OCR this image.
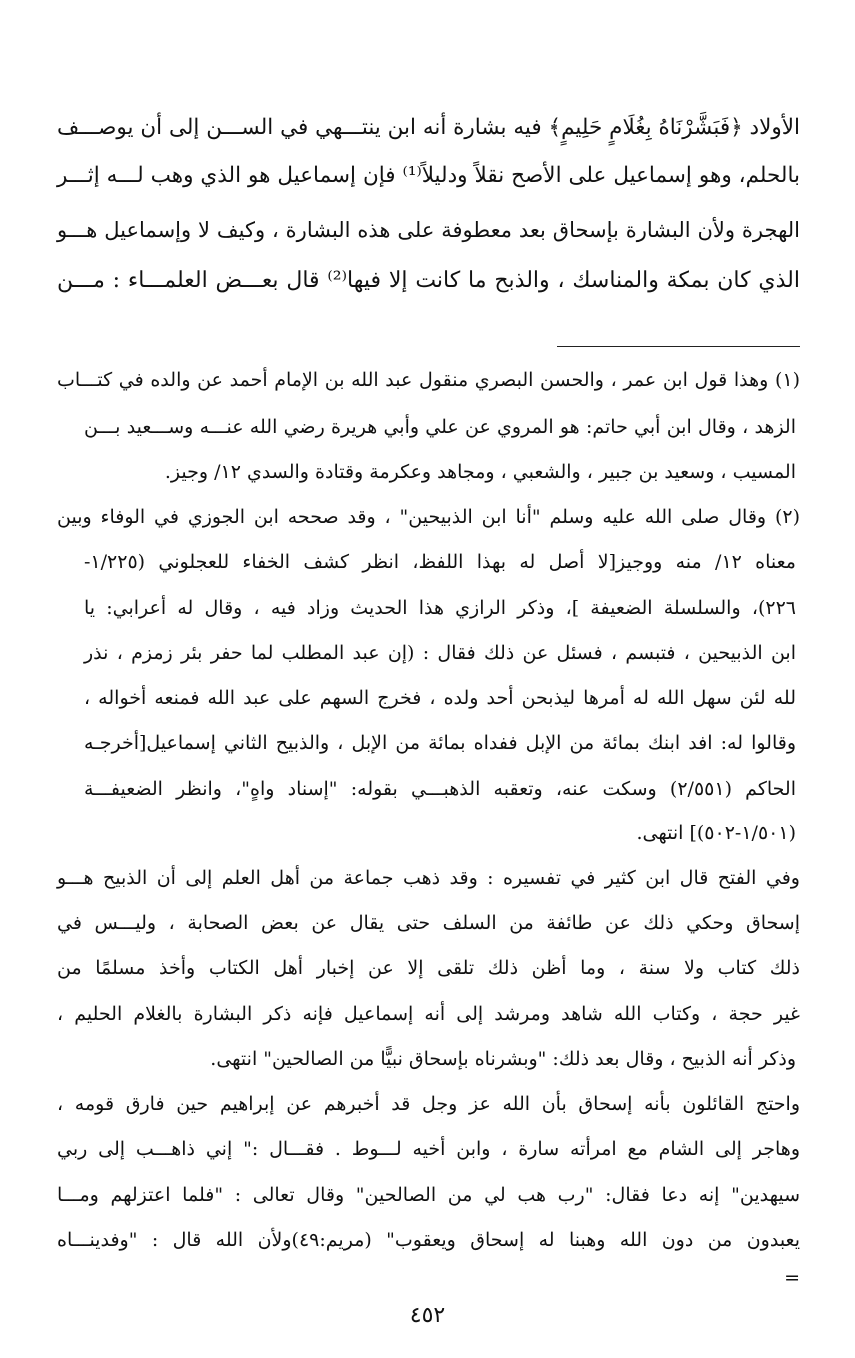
الأولاد ﴿فَبَشَّرْنَاهُ بِغُلَامٍ حَلِيمٍ﴾ فيه بشارة أنه ابن ينتـــهي في الســـن إلى أن يوصـــف
بالحلم، وهو إسماعيل على الأصح نقلاً ودليلاً⁽¹⁾ فإن إسماعيل هو الذي وهب لـــه إثـــر
الهجرة ولأن البشارة بإسحاق بعد معطوفة على هذه البشارة ، وكيف لا وإسماعيل هـــو
الذي كان بمكة والمناسك ، والذبح ما كانت إلا فيها⁽²⁾ قال بعـــض العلمـــاء : مـــن
(١) وهذا قول ابن عمر ، والحسن البصري منقول عبد الله بن الإمام أحمد عن والده في كتـــاب
الزهد ، وقال ابن أبي حاتم: هو المروي عن علي وأبي هريرة رضي الله عنـــه وســـعيد بـــن
المسيب ، وسعيد بن جبير ، والشعبي ، ومجاهد وعكرمة وقتادة والسدي ١٢/ وجيز.
(٢) وقال صلى الله عليه وسلم "أنا ابن الذبيحين" ، وقد صححه ابن الجوزي في الوفاء وبين
معناه ١٢/ منه ووجيز[لا أصل له بهذا اللفظ، انظر كشف الخفاء للعجلوني (١/٢٢٥-
٢٢٦)، والسلسلة الضعيفة ]، وذكر الرازي هذا الحديث وزاد فيه ، وقال له أعرابي: يا
ابن الذبيحين ، فتبسم ، فسئل عن ذلك فقال : (إن عبد المطلب لما حفر بئر زمزم ، نذر
لله لئن سهل الله له أمرها ليذبحن أحد ولده ، فخرج السهم على عبد الله فمنعه أخواله ،
وقالوا له: افد ابنك بمائة من الإبل ففداه بمائة من الإبل ، والذبيح الثاني إسماعيل[أخرجـه
الحاكم (٢/٥٥١) وسكت عنه، وتعقبه الذهبـــي بقوله: "إسناد واهٍ"، وانظر الضعيفـــة
(١/٥٠١-٥٠٢)] انتهى.
وفي الفتح قال ابن كثير في تفسيره : وقد ذهب جماعة من أهل العلم إلى أن الذبيح هـــو
إسحاق وحكي ذلك عن طائفة من السلف حتى يقال عن بعض الصحابة ، وليـــس في
ذلك كتاب ولا سنة ، وما أظن ذلك تلقى إلا عن إخبار أهل الكتاب وأخذ مسلمًا من
غير حجة ، وكتاب الله شاهد ومرشد إلى أنه إسماعيل فإنه ذكر البشارة بالغلام الحليم ،
وذكر أنه الذبيح ، وقال بعد ذلك: "وبشرناه بإسحاق نبيًّا من الصالحين" انتهى.
واحتج القائلون بأنه إسحاق بأن الله عز وجل قد أخبرهم عن إبراهيم حين فارق قومه ،
وهاجر إلى الشام مع امرأته سارة ، وابن أخيه لـــوط . فقـــال :" إني ذاهـــب إلى ربي
سيهدين" إنه دعا فقال: "رب هب لي من الصالحين" وقال تعالى : "فلما اعتزلهم ومـــا
يعبدون من دون الله وهبنا له إسحاق ويعقوب" (مريم:٤٩)ولأن الله قال : "وفدينـــاه
=
٤٥٢
